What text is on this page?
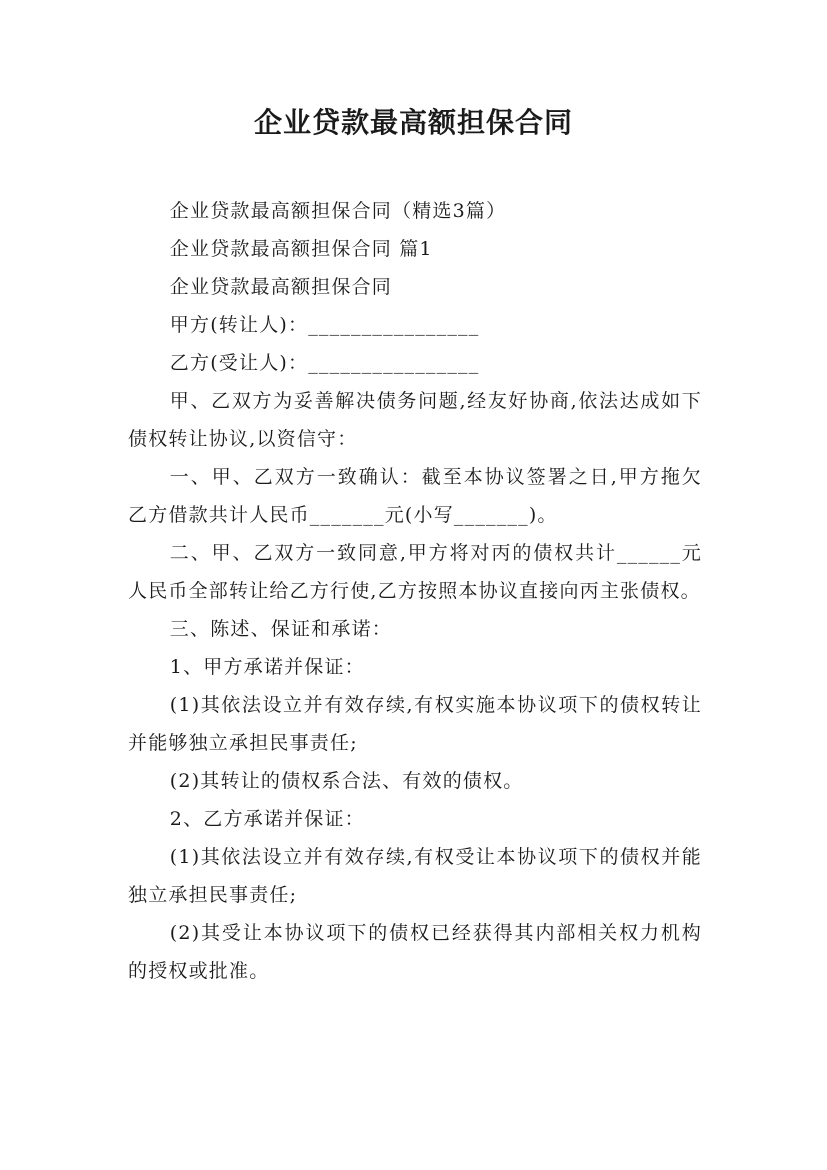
企业贷款最高额担保合同

企业贷款最高额担保合同（精选3篇）

企业贷款最高额担保合同 篇1

企业贷款最高额担保合同

甲方(转让人)：________________

乙方(受让人)：________________

甲、乙双方为妥善解决债务问题,经友好协商,依法达成如下债权转让协议,以资信守：

一、甲、乙双方一致确认：截至本协议签署之日,甲方拖欠乙方借款共计人民币_______元(小写_______)。

二、甲、乙双方一致同意,甲方将对丙的债权共计______元人民币全部转让给乙方行使,乙方按照本协议直接向丙主张债权。

三、陈述、保证和承诺：

1、甲方承诺并保证：

(1)其依法设立并有效存续,有权实施本协议项下的债权转让并能够独立承担民事责任;

(2)其转让的债权系合法、有效的债权。

2、乙方承诺并保证：

(1)其依法设立并有效存续,有权受让本协议项下的债权并能独立承担民事责任;

(2)其受让本协议项下的债权已经获得其内部相关权力机构的授权或批准。
